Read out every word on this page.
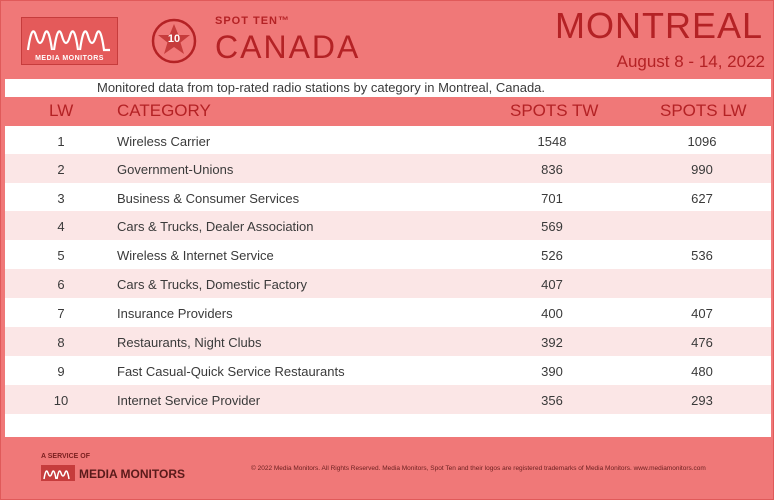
MEDIA MONITORS
10
SPOT TEN™
CANADA
MONTREAL
August 8 - 14, 2022
Monitored data from top-rated radio stations by category in Montreal, Canada.
LW	CATEGORY	SPOTS TW	SPOTS LW
1	Wireless Carrier	1548	1096
2	Government-Unions	836	990
3	Business & Consumer Services	701	627
4	Cars & Trucks, Dealer Association	569
5	Wireless & Internet Service	526	536
6	Cars & Trucks, Domestic Factory	407
7	Insurance Providers	400	407
8	Restaurants, Night Clubs	392	476
9	Fast Casual-Quick Service Restaurants	390	480
10	Internet Service Provider	356	293
A SERVICE OF
MEDIA MONITORS	© 2022 Media Monitors. All Rights Reserved. Media Monitors, Spot Ten and their logos are registered trademarks of Media Monitors. www.mediamonitors.com
